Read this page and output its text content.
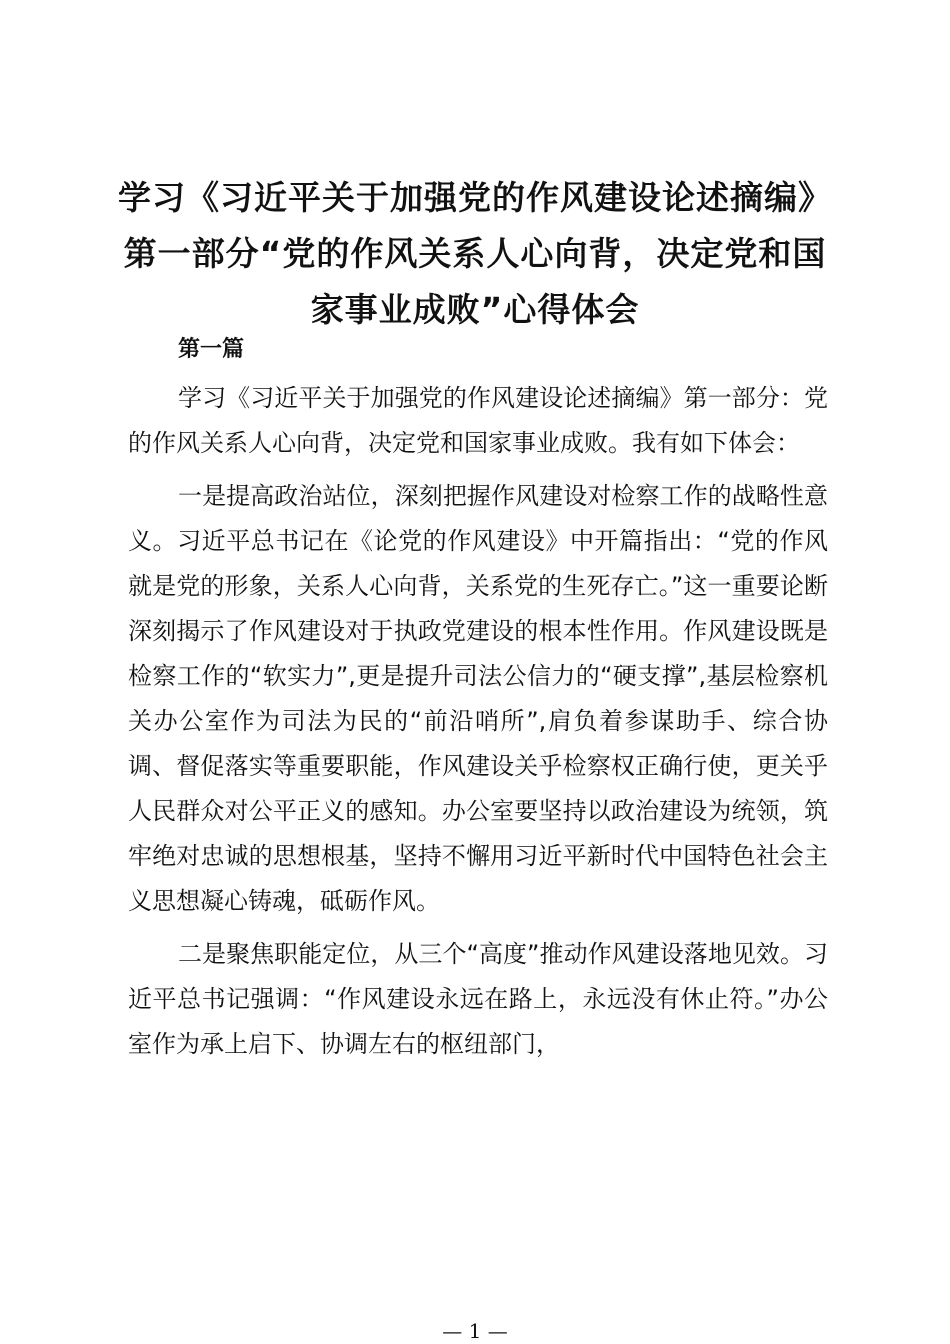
学习《习近平关于加强党的作风建设论述摘编》第一部分“党的作风关系人心向背，决定党和国家事业成败”心得体会

第一篇

学习《习近平关于加强党的作风建设论述摘编》第一部分：党的作风关系人心向背，决定党和国家事业成败。我有如下体会：

一是提高政治站位，深刻把握作风建设对检察工作的战略性意义。习近平总书记在《论党的作风建设》中开篇指出：“党的作风就是党的形象，关系人心向背，关系党的生死存亡。”这一重要论断深刻揭示了作风建设对于执政党建设的根本性作用。作风建设既是检察工作的“软实力”,更是提升司法公信力的“硬支撑”,基层检察机关办公室作为司法为民的“前沿哨所”,肩负着参谋助手、综合协调、督促落实等重要职能，作风建设关乎检察权正确行使，更关乎人民群众对公平正义的感知。办公室要坚持以政治建设为统领，筑牢绝对忠诚的思想根基，坚持不懈用习近平新时代中国特色社会主义思想凝心铸魂，砥砺作风。

二是聚焦职能定位，从三个“高度”推动作风建设落地见效。习近平总书记强调：“作风建设永远在路上，永远没有休止符。”办公室作为承上启下、协调左右的枢纽部门，

— 1 —
